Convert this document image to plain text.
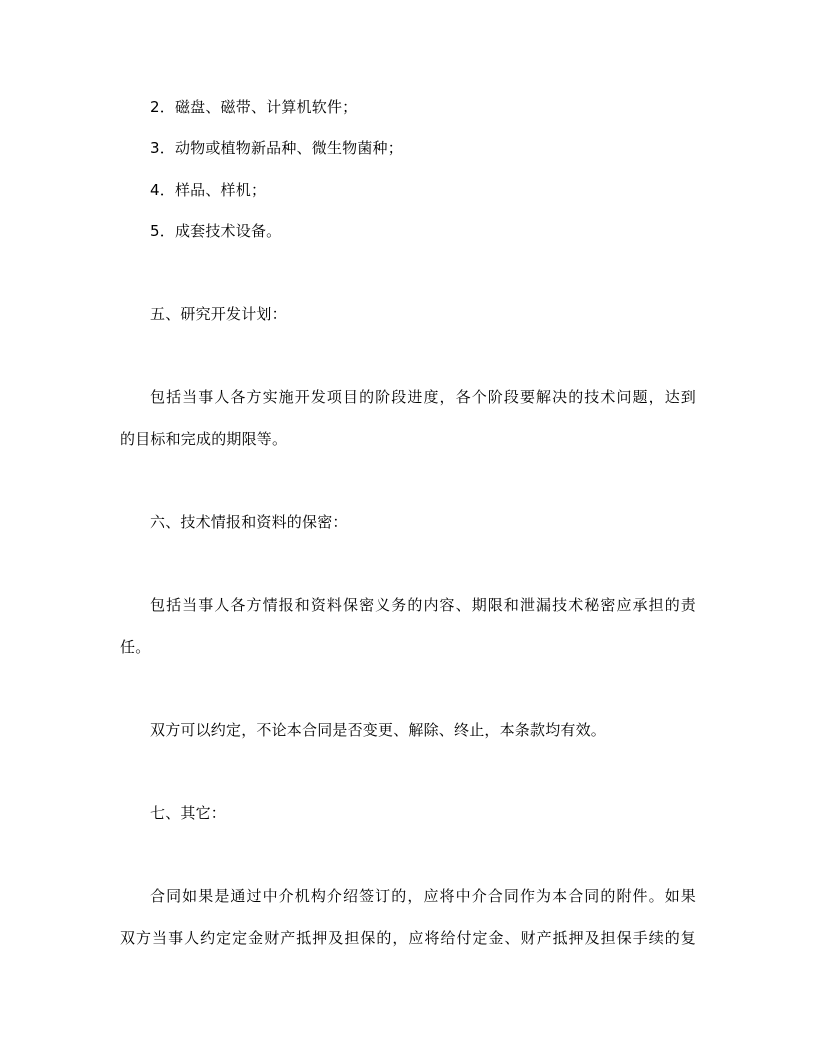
2．磁盘、磁带、计算机软件；
3．动物或植物新品种、微生物菌种；
4．样品、样机；
5．成套技术设备。
五、研究开发计划：
包括当事人各方实施开发项目的阶段进度，各个阶段要解决的技术问题，达到
的目标和完成的期限等。
六、技术情报和资料的保密：
包括当事人各方情报和资料保密义务的内容、期限和泄漏技术秘密应承担的责
任。
双方可以约定，不论本合同是否变更、解除、终止，本条款均有效。
七、其它：
合同如果是通过中介机构介绍签订的，应将中介合同作为本合同的附件。如果
双方当事人约定定金财产抵押及担保的，应将给付定金、财产抵押及担保手续的复
